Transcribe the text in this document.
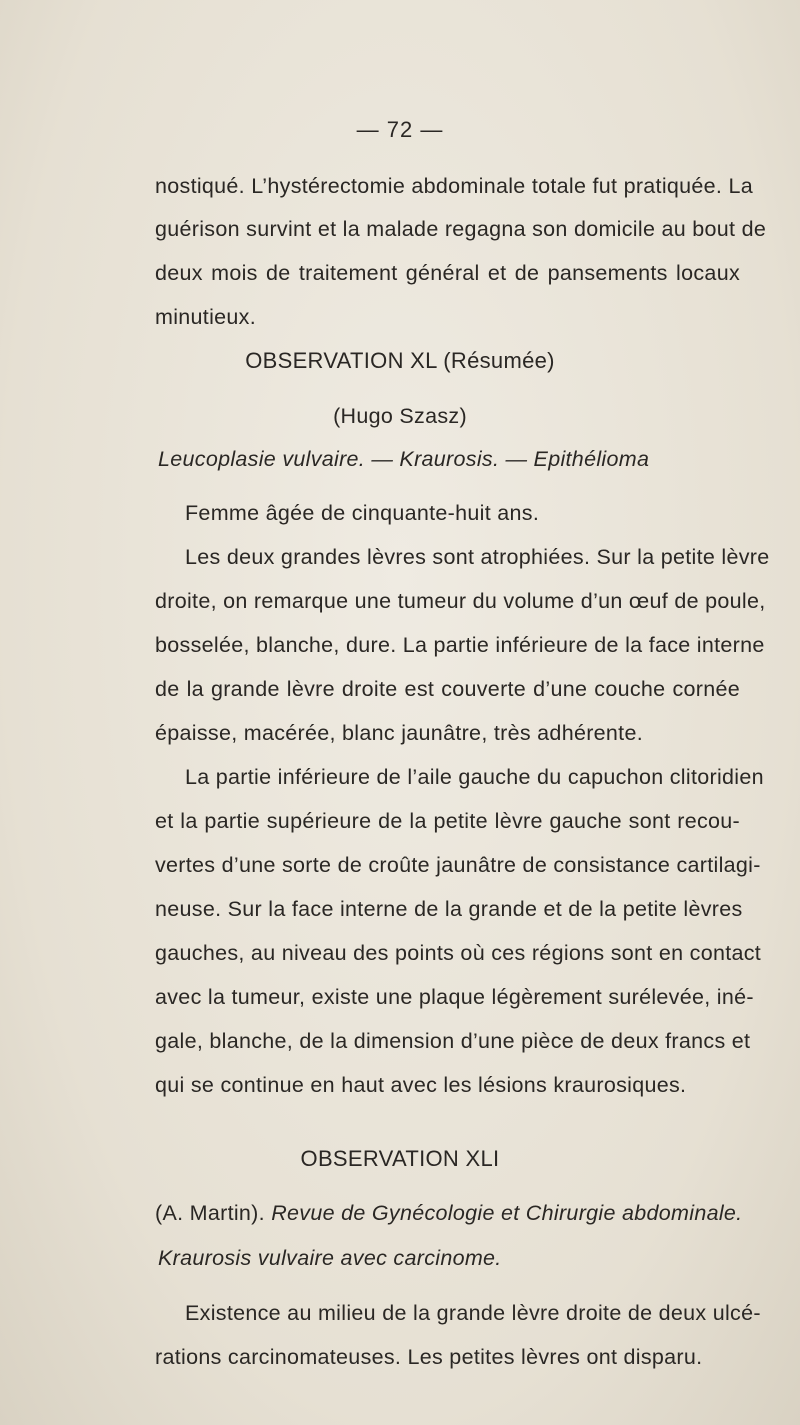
— 72 —
nostiqué. L’hystérectomie abdominale totale fut pratiquée. La
guérison survint et la malade regagna son domicile au bout de
deux mois de traitement général et de pansements locaux
minutieux.
OBSERVATION XL (Résumée)
(Hugo Szasz)
Leucoplasie vulvaire. — Kraurosis. — Epithélioma
Femme âgée de cinquante-huit ans.
Les deux grandes lèvres sont atrophiées. Sur la petite lèvre
droite, on remarque une tumeur du volume d’un œuf de poule,
bosselée, blanche, dure. La partie inférieure de la face interne
de la grande lèvre droite est couverte d’une couche cornée
épaisse, macérée, blanc jaunâtre, très adhérente.
La partie inférieure de l’aile gauche du capuchon clitoridien
et la partie supérieure de la petite lèvre gauche sont recou-
vertes d’une sorte de croûte jaunâtre de consistance cartilagi-
neuse. Sur la face interne de la grande et de la petite lèvres
gauches, au niveau des points où ces régions sont en contact
avec la tumeur, existe une plaque légèrement surélevée, iné-
gale, blanche, de la dimension d’une pièce de deux francs et
qui se continue en haut avec les lésions kraurosiques.
OBSERVATION XLI
(A. Martin). Revue de Gynécologie et Chirurgie abdominale.
Kraurosis vulvaire avec carcinome.
Existence au milieu de la grande lèvre droite de deux ulcé-
rations carcinomateuses. Les petites lèvres ont disparu.
